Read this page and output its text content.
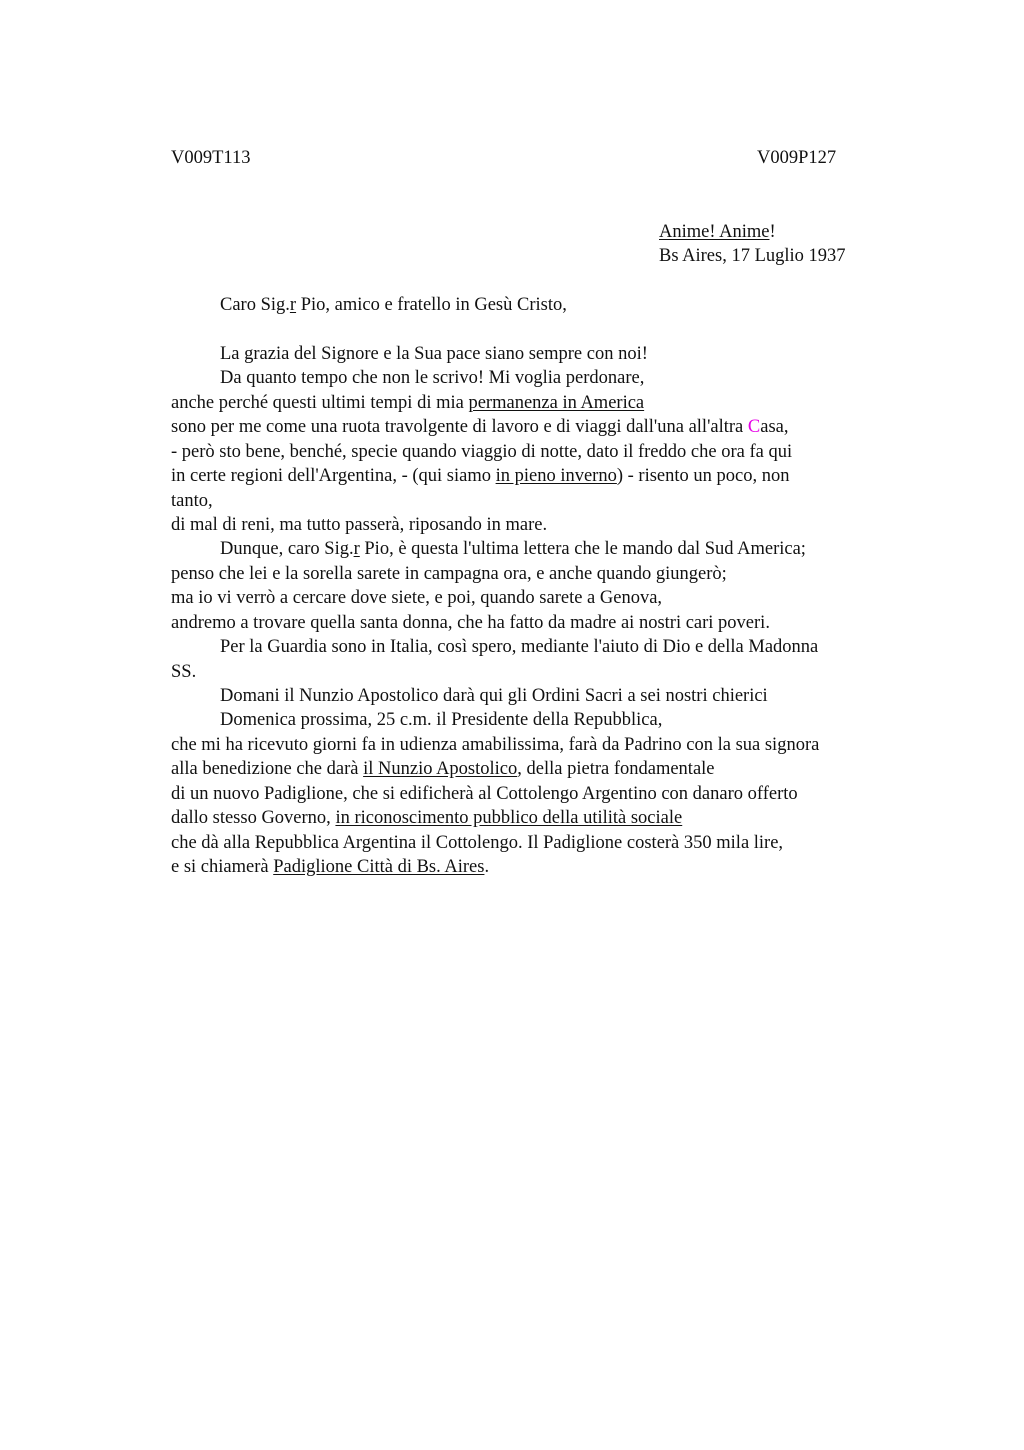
V009T113	V009P127
Anime! Anime!
Bs Aires, 17 Luglio 1937
Caro Sig.r Pio, amico e fratello in Gesù Cristo,
La grazia del Signore e la Sua pace siano sempre con noi!
Da quanto tempo che non le scrivo! Mi voglia perdonare,
anche perché questi ultimi tempi di mia permanenza in America
sono per me come una ruota travolgente di lavoro e di viaggi dall'una all'altra Casa,
- però sto bene, benché, specie quando viaggio di notte, dato il freddo che ora fa qui
in certe regioni dell'Argentina, - (qui siamo in pieno inverno) - risento un poco, non
tanto,
di mal di reni, ma tutto passerà, riposando in mare.
Dunque, caro Sig.r Pio, è questa l'ultima lettera che le mando dal Sud America;
penso che lei e la sorella sarete in campagna ora, e anche quando giungerò;
ma io vi verrò a cercare dove siete, e poi, quando sarete a Genova,
andremo a trovare quella santa donna, che ha fatto da madre ai nostri cari poveri.
Per la Guardia sono in Italia, così spero, mediante l'aiuto di Dio e della Madonna
SS.
Domani il Nunzio Apostolico darà qui gli Ordini Sacri a sei nostri chierici
Domenica prossima, 25 c.m. il Presidente della Repubblica,
che mi ha ricevuto giorni fa in udienza amabilissima, farà da Padrino con la sua signora
alla benedizione che darà il Nunzio Apostolico, della pietra fondamentale
di un nuovo Padiglione, che si edificherà al Cottolengo Argentino con danaro offerto
dallo stesso Governo, in riconoscimento pubblico della utilità sociale
che dà alla Repubblica Argentina il Cottolengo. Il Padiglione costerà 350 mila lire,
e si chiamerà Padiglione Città di Bs. Aires.
